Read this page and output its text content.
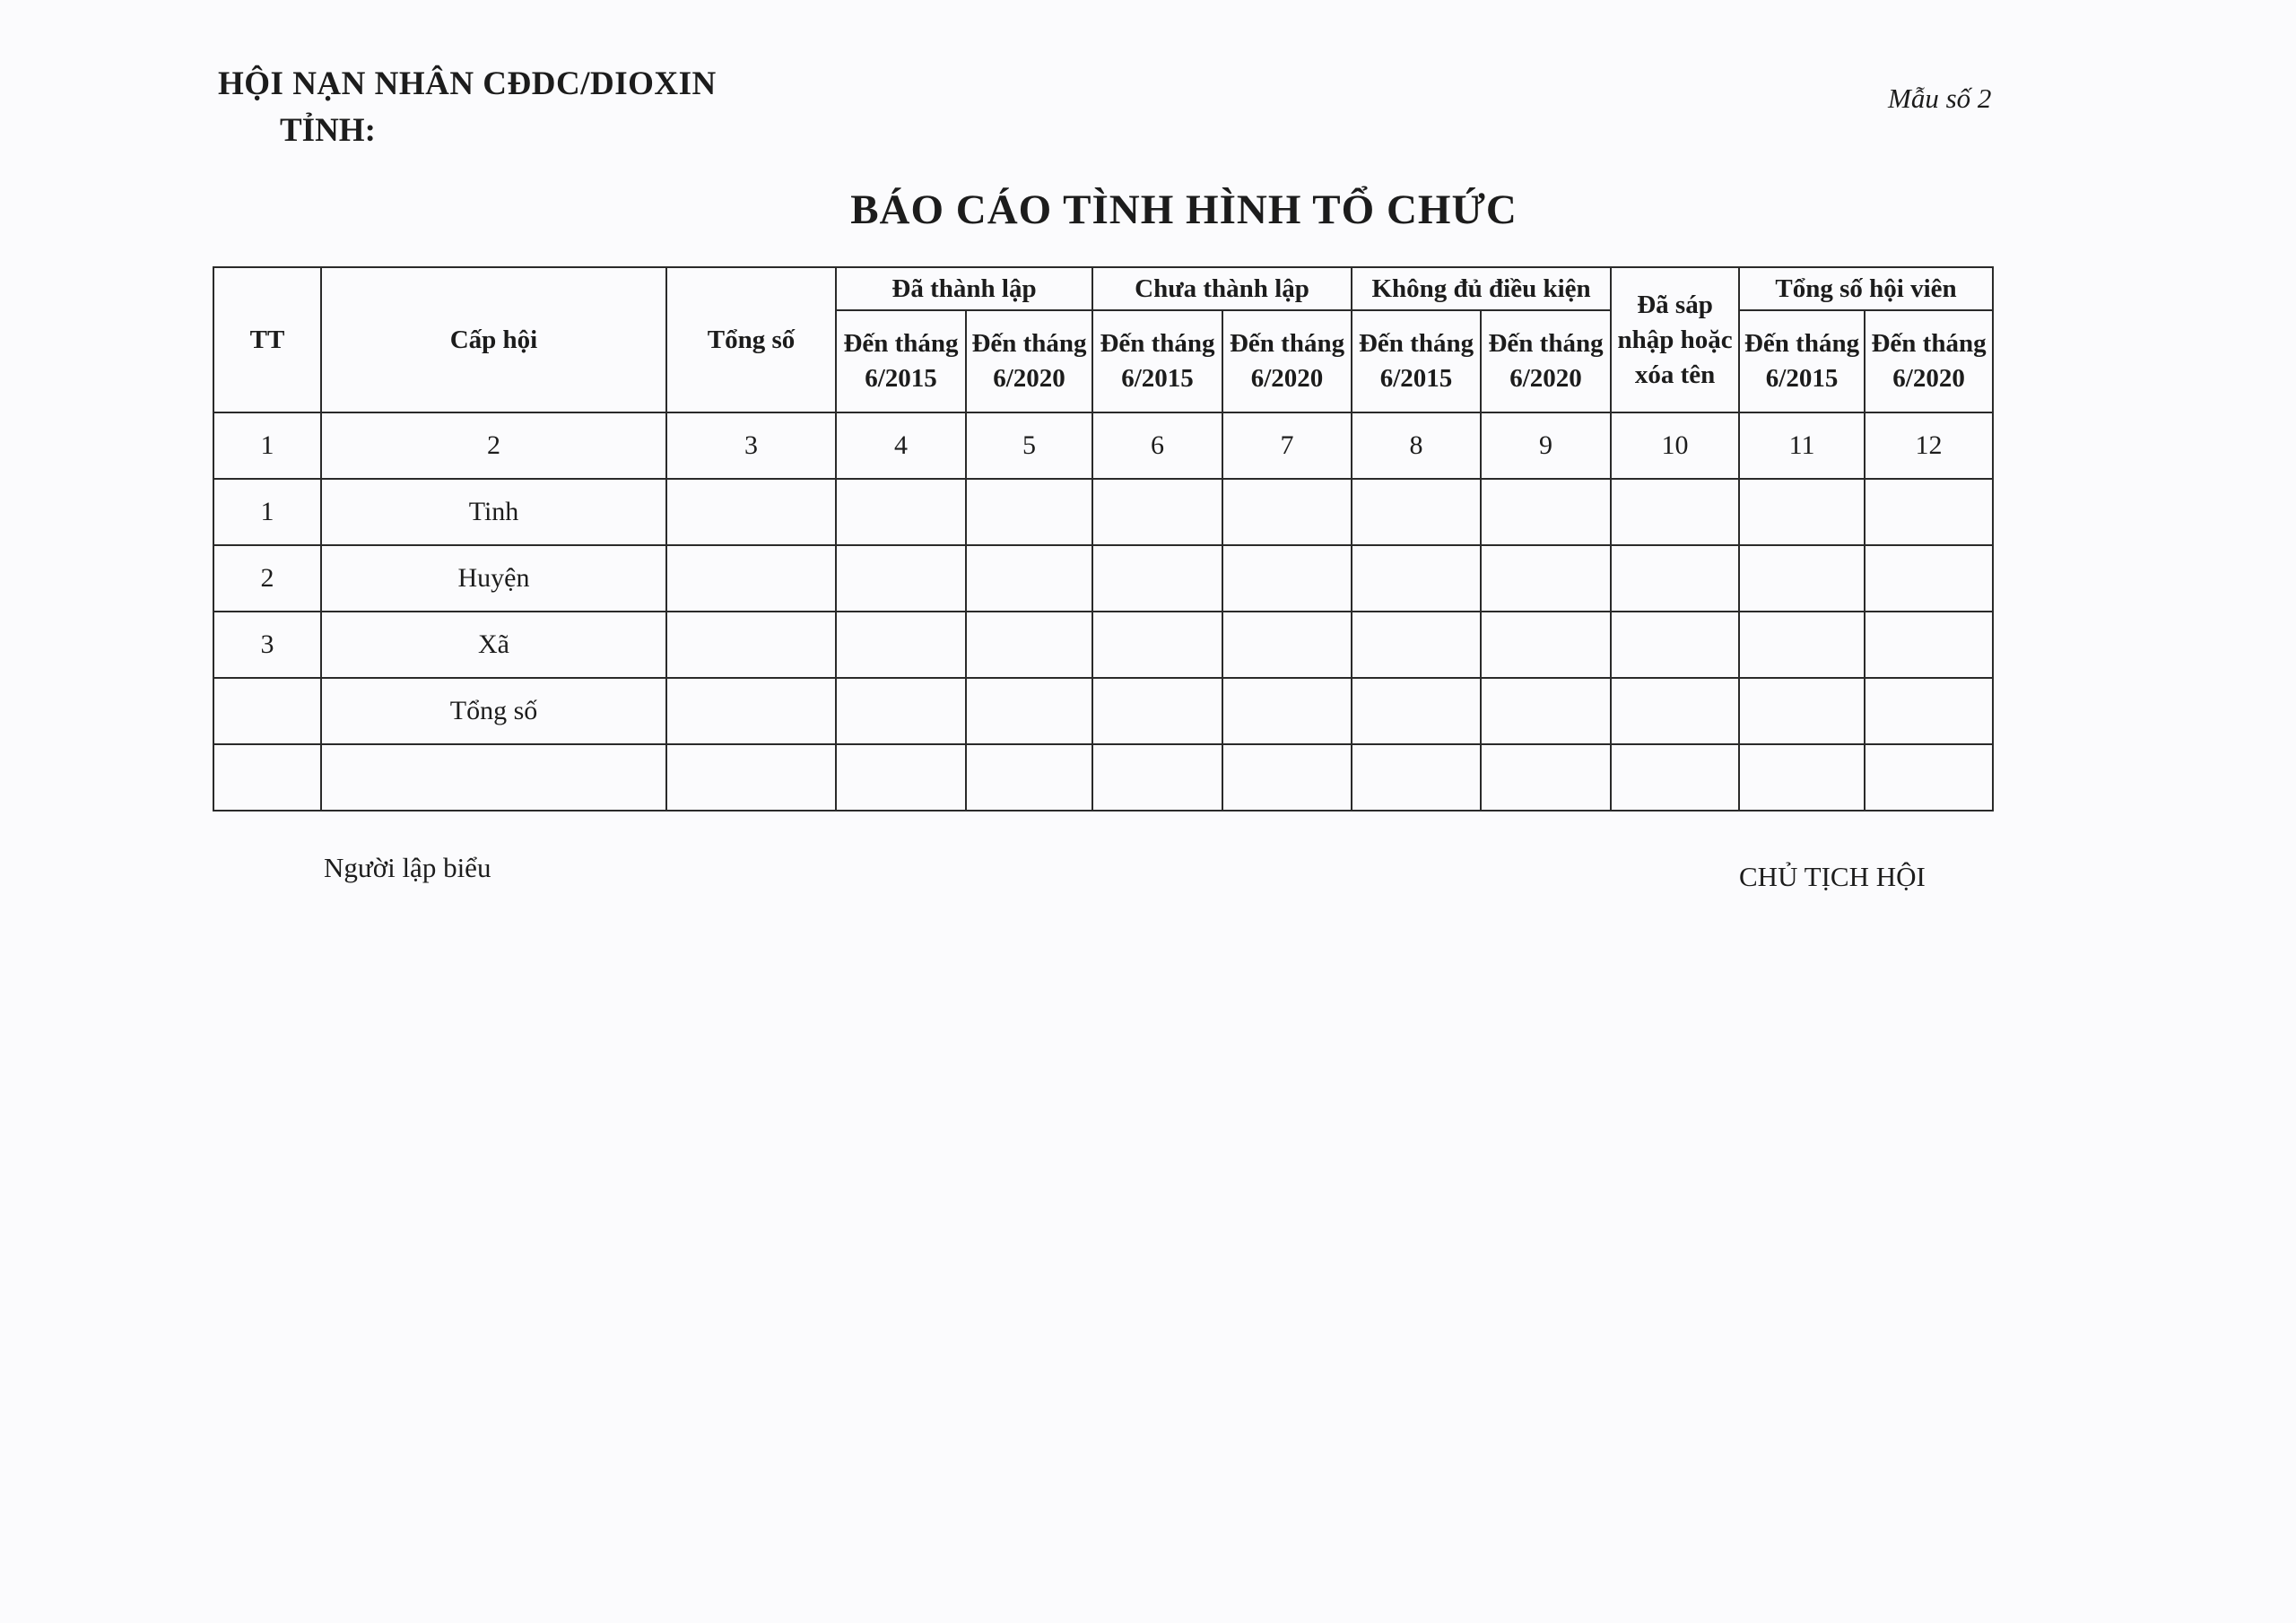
HỘI NẠN NHÂN CĐDC/DIOXIN
TỈNH:
Mẫu số 2
BÁO CÁO TÌNH HÌNH TỔ CHỨC
TT	Cấp hội	Tổng số	Đã thành lập		Chưa thành lập		Không đủ điều kiện		Đã sáp nhập hoặc xóa tên	Tổng số hội viên	
			Đến tháng 6/2015	Đến tháng 6/2020	Đến tháng 6/2015	Đến tháng 6/2020	Đến tháng 6/2015	Đến tháng 6/2020		Đến tháng 6/2015	Đến tháng 6/2020
1	2	3	4	5	6	7	8	9	10	11	12
1	Tinh										
2	Huyện										
3	Xã										
	Tổng số										

Người lập biểu	CHỦ TỊCH HỘI
